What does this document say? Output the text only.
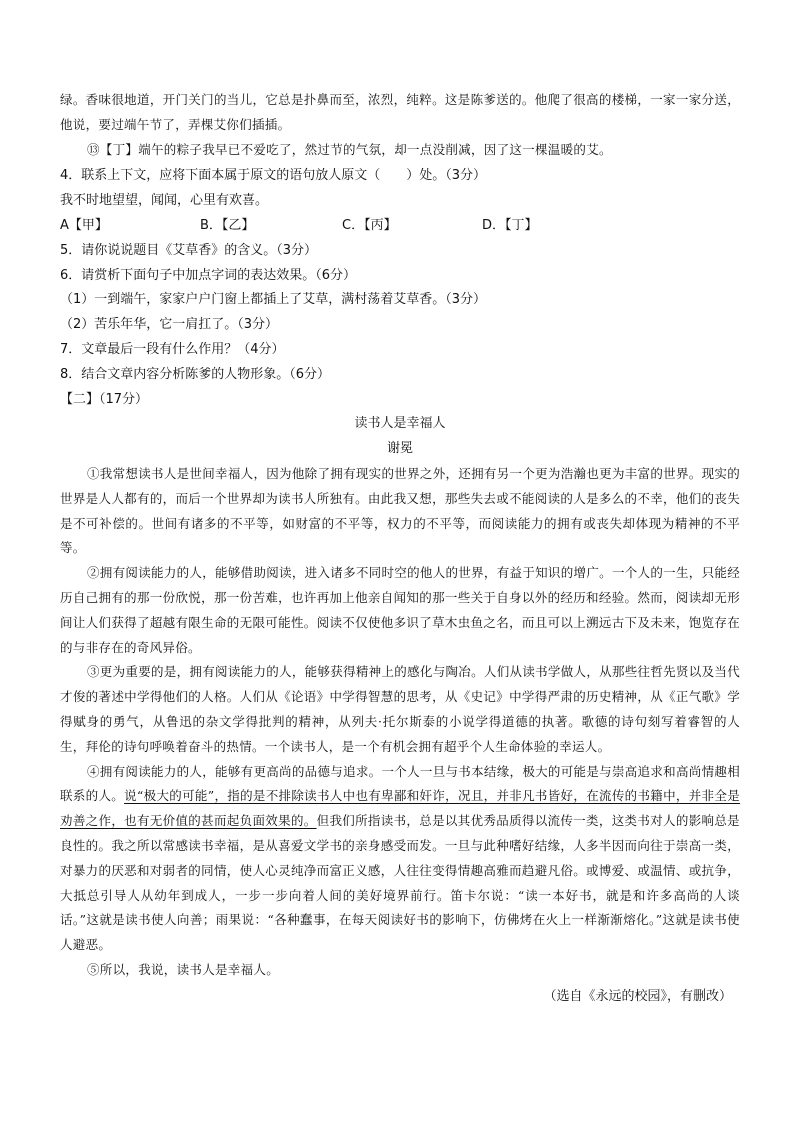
绿。香味很地道，开门关门的当儿，它总是扑鼻而至，浓烈，纯粹。这是陈爹送的。他爬了很高的楼梯，一家一家分送，他说，要过端午节了，弄棵艾你们插插。

⑬【丁】端午的粽子我早已不爱吃了，然过节的气氛，却一点没削减，因了这一棵温暖的艾。

4．联系上下文，应将下面本属于原文的语句放人原文（　　）处。（3分）

我不时地望望，闻闻，心里有欢喜。

A【甲】	B．【乙】	C．【丙】	D．【丁】

5．请你说说题目《艾草香》的含义。（3分）

6．请赏析下面句子中加点字词的表达效果。（6分）

（1）一到端午，家家户户门窗上都插上了艾草，满村荡着艾草香。（3分）

（2）苦乐年华，它一肩扛了。（3分）

7．文章最后一段有什么作用？（4分）

8．结合文章内容分析陈爹的人物形象。（6分）

【二】（17分）

读书人是幸福人

谢冕

①我常想读书人是世间幸福人，因为他除了拥有现实的世界之外，还拥有另一个更为浩瀚也更为丰富的世界。现实的世界是人人都有的，而后一个世界却为读书人所独有。由此我又想，那些失去或不能阅读的人是多么的不幸，他们的丧失是不可补偿的。世间有诸多的不平等，如财富的不平等，权力的不平等，而阅读能力的拥有或丧失却体现为精神的不平等。

②拥有阅读能力的人，能够借助阅读，进入诸多不同时空的他人的世界，有益于知识的增广。一个人的一生，只能经历自己拥有的那一份欣悦，那一份苦难，也许再加上他亲自闻知的那一些关于自身以外的经历和经验。然而，阅读却无形间让人们获得了超越有限生命的无限可能性。阅读不仅使他多识了草木虫鱼之名，而且可以上溯远古下及未来，饱览存在的与非存在的奇风异俗。

③更为重要的是，拥有阅读能力的人，能够获得精神上的感化与陶冶。人们从读书学做人，从那些往哲先贤以及当代才俊的著述中学得他们的人格。人们从《论语》中学得智慧的思考，从《史记》中学得严肃的历史精神，从《正气歌》学得赋身的勇气，从鲁迅的杂文学得批判的精神，从列夫·托尔斯泰的小说学得道德的执著。歌德的诗句刻写着睿智的人生，拜伦的诗句呼唤着奋斗的热情。一个读书人，是一个有机会拥有超乎个人生命体验的幸运人。

④拥有阅读能力的人，能够有更高尚的品德与追求。一个人一旦与书本结缘，极大的可能是与崇高追求和高尚情趣相联系的人。说“极大的可能”，指的是不排除读书人中也有卑鄙和奸诈，况且，并非凡书皆好，在流传的书籍中，并非全是劝善之作，也有无价值的甚而起负面效果的。但我们所指读书，总是以其优秀品质得以流传一类，这类书对人的影响总是良性的。我之所以常感读书幸福，是从喜爱文学书的亲身感受而发。一旦与此种嗜好结缘，人多半因而向往于崇高一类，对暴力的厌恶和对弱者的同情，使人心灵纯净而富正义感，人往往变得情趣高雅而趋避凡俗。或博爱、或温情、或抗争，大抵总引导人从幼年到成人，一步一步向着人间的美好境界前行。笛卡尔说：“读一本好书，就是和许多高尚的人谈话。”这就是读书使人向善；雨果说：“各种蠢事，在每天阅读好书的影响下，仿佛烤在火上一样渐渐熔化。”这就是读书使人避恶。

⑤所以，我说，读书人是幸福人。

（选自《永远的校园》，有删改）
